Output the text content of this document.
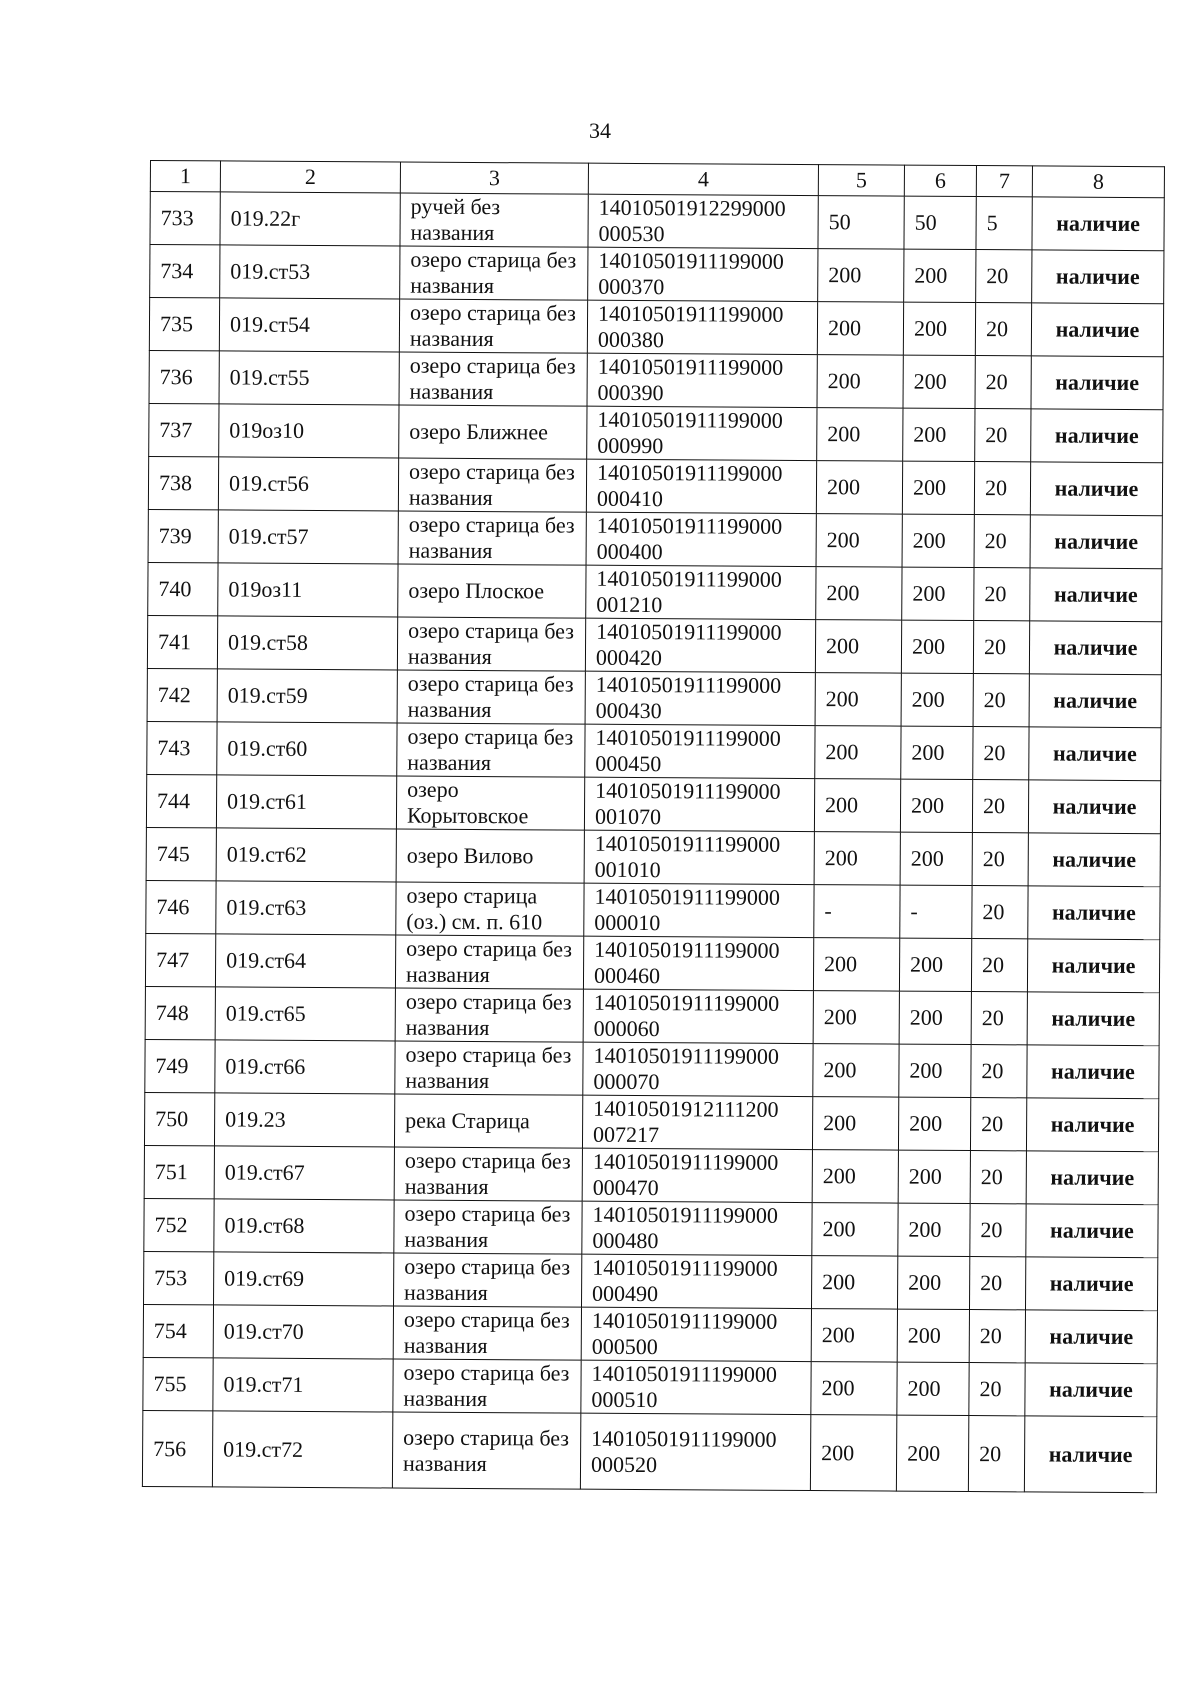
34
1	2	3	4	5	6	7	8
733	019.22г	ручей без названия	14010501912299000 000530	50	50	5	наличие
734	019.ст53	озеро старица без названия	14010501911199000 000370	200	200	20	наличие
735	019.ст54	озеро старица без названия	14010501911199000 000380	200	200	20	наличие
736	019.ст55	озеро старица без названия	14010501911199000 000390	200	200	20	наличие
737	019оз10	озеро Ближнее	14010501911199000 000990	200	200	20	наличие
738	019.ст56	озеро старица без названия	14010501911199000 000410	200	200	20	наличие
739	019.ст57	озеро старица без названия	14010501911199000 000400	200	200	20	наличие
740	019оз11	озеро Плоское	14010501911199000 001210	200	200	20	наличие
741	019.ст58	озеро старица без названия	14010501911199000 000420	200	200	20	наличие
742	019.ст59	озеро старица без названия	14010501911199000 000430	200	200	20	наличие
743	019.ст60	озеро старица без названия	14010501911199000 000450	200	200	20	наличие
744	019.ст61	озеро Корытовское	14010501911199000 001070	200	200	20	наличие
745	019.ст62	озеро Вилово	14010501911199000 001010	200	200	20	наличие
746	019.ст63	озеро старица (оз.) см. п. 610	14010501911199000 000010	-	-	20	наличие
747	019.ст64	озеро старица без названия	14010501911199000 000460	200	200	20	наличие
748	019.ст65	озеро старица без названия	14010501911199000 000060	200	200	20	наличие
749	019.ст66	озеро старица без названия	14010501911199000 000070	200	200	20	наличие
750	019.23	река Старица	14010501912111200 007217	200	200	20	наличие
751	019.ст67	озеро старица без названия	14010501911199000 000470	200	200	20	наличие
752	019.ст68	озеро старица без названия	14010501911199000 000480	200	200	20	наличие
753	019.ст69	озеро старица без названия	14010501911199000 000490	200	200	20	наличие
754	019.ст70	озеро старица без названия	14010501911199000 000500	200	200	20	наличие
755	019.ст71	озеро старица без названия	14010501911199000 000510	200	200	20	наличие
756	019.ст72	озеро старица без названия	14010501911199000 000520	200	200	20	наличие
